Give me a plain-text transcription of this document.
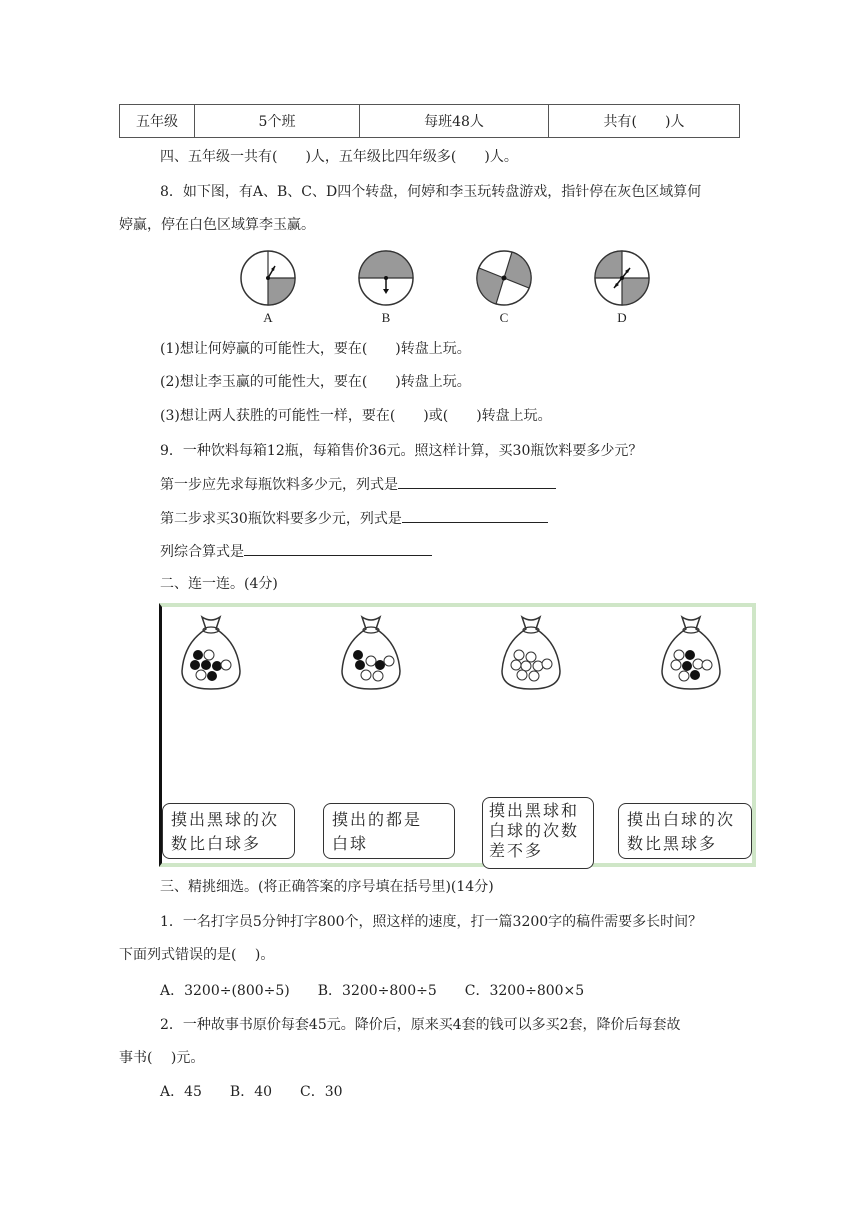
五年级	5个班	每班48人	共有(　　)人
四、五年级一共有(　　)人，五年级比四年级多(　　)人。
8．如下图，有A、B、C、D四个转盘，何婷和李玉玩转盘游戏，指针停在灰色区域算何
婷赢，停在白色区域算李玉赢。
A	B	C	D
(1)想让何婷赢的可能性大，要在(　　)转盘上玩。
(2)想让李玉赢的可能性大，要在(　　)转盘上玩。
(3)想让两人获胜的可能性一样，要在(　　)或(　　)转盘上玩。
9．一种饮料每箱12瓶，每箱售价36元。照这样计算，买30瓶饮料要多少元？
第一步应先求每瓶饮料多少元，列式是
第二步求买30瓶饮料要多少元，列式是
列综合算式是
二、连一连。(4分)
摸出黑球的次
数比白球多
摸出的都是
白球
摸出黑球和
白球的次数
差不多
摸出白球的次
数比黑球多
三、精挑细选。(将正确答案的序号填在括号里)(14分)
1．一名打字员5分钟打字800个，照这样的速度，打一篇3200字的稿件需要多长时间？
下面列式错误的是(　 )。
A．3200÷(800÷5)　　B．3200÷800÷5　　C．3200÷800×5
2．一种故事书原价每套45元。降价后，原来买4套的钱可以多买2套，降价后每套故
事书(　 )元。
A．45　　B．40　　C．30
